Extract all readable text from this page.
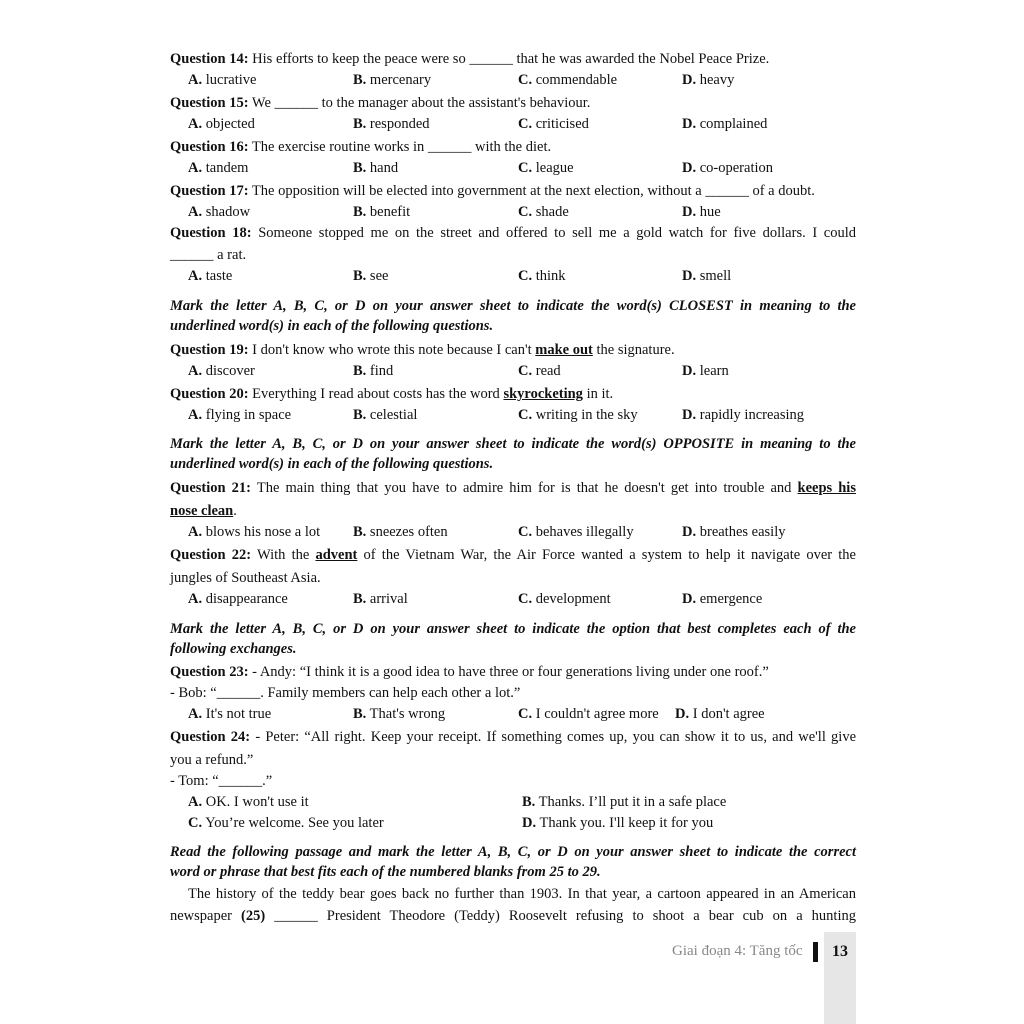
Question 14: His efforts to keep the peace were so ______ that he was awarded the Nobel Peace Prize.
A. lucrative	B. mercenary	C. commendable	D. heavy
Question 15: We ______ to the manager about the assistant's behaviour.
A. objected	B. responded	C. criticised	D. complained
Question 16: The exercise routine works in ______ with the diet.
A. tandem	B. hand	C. league	D. co-operation
Question 17: The opposition will be elected into government at the next election, without a ______ of a doubt.
A. shadow	B. benefit	C. shade	D. hue
Question 18: Someone stopped me on the street and offered to sell me a gold watch for five dollars. I could
______ a rat.
A. taste	B. see	C. think	D. smell
Mark the letter A, B, C, or D on your answer sheet to indicate the word(s) CLOSEST in meaning to the
underlined word(s) in each of the following questions.
Question 19: I don't know who wrote this note because I can't make out the signature.
A. discover	B. find	C. read	D. learn
Question 20: Everything I read about costs has the word skyrocketing in it.
A. flying in space	B. celestial	C. writing in the sky	D. rapidly increasing
Mark the letter A, B, C, or D on your answer sheet to indicate the word(s) OPPOSITE in meaning to the
underlined word(s) in each of the following questions.
Question 21: The main thing that you have to admire him for is that he doesn't get into trouble and keeps his
nose clean.
A. blows his nose a lot B. sneezes often	C. behaves illegally	D. breathes easily
Question 22: With the advent of the Vietnam War, the Air Force wanted a system to help it navigate over the
jungles of Southeast Asia.
A. disappearance	B. arrival	C. development	D. emergence
Mark the letter A, B, C, or D on your answer sheet to indicate the option that best completes each of the
following exchanges.
Question 23: - Andy: “I think it is a good idea to have three or four generations living under one roof.”
- Bob: “______. Family members can help each other a lot.”
A. It's not true	B. That's wrong	C. I couldn't agree more D. I don't agree
Question 24: - Peter: “All right. Keep your receipt. If something comes up, you can show it to us, and we'll give
you a refund.”
- Tom: “______.”
A. OK. I won't use it	B. Thanks. I’ll put it in a safe place
C. You’re welcome. See you later	D. Thank you. I'll keep it for you
Read the following passage and mark the letter A, B, C, or D on your answer sheet to indicate the correct
word or phrase that best fits each of the numbered blanks from 25 to 29.
The history of the teddy bear goes back no further than 1903. In that year, a cartoon appeared in an American
newspaper (25) ______ President Theodore (Teddy) Roosevelt refusing to shoot a bear cub on a hunting
Giai đoạn 4: Tăng tốc	13
